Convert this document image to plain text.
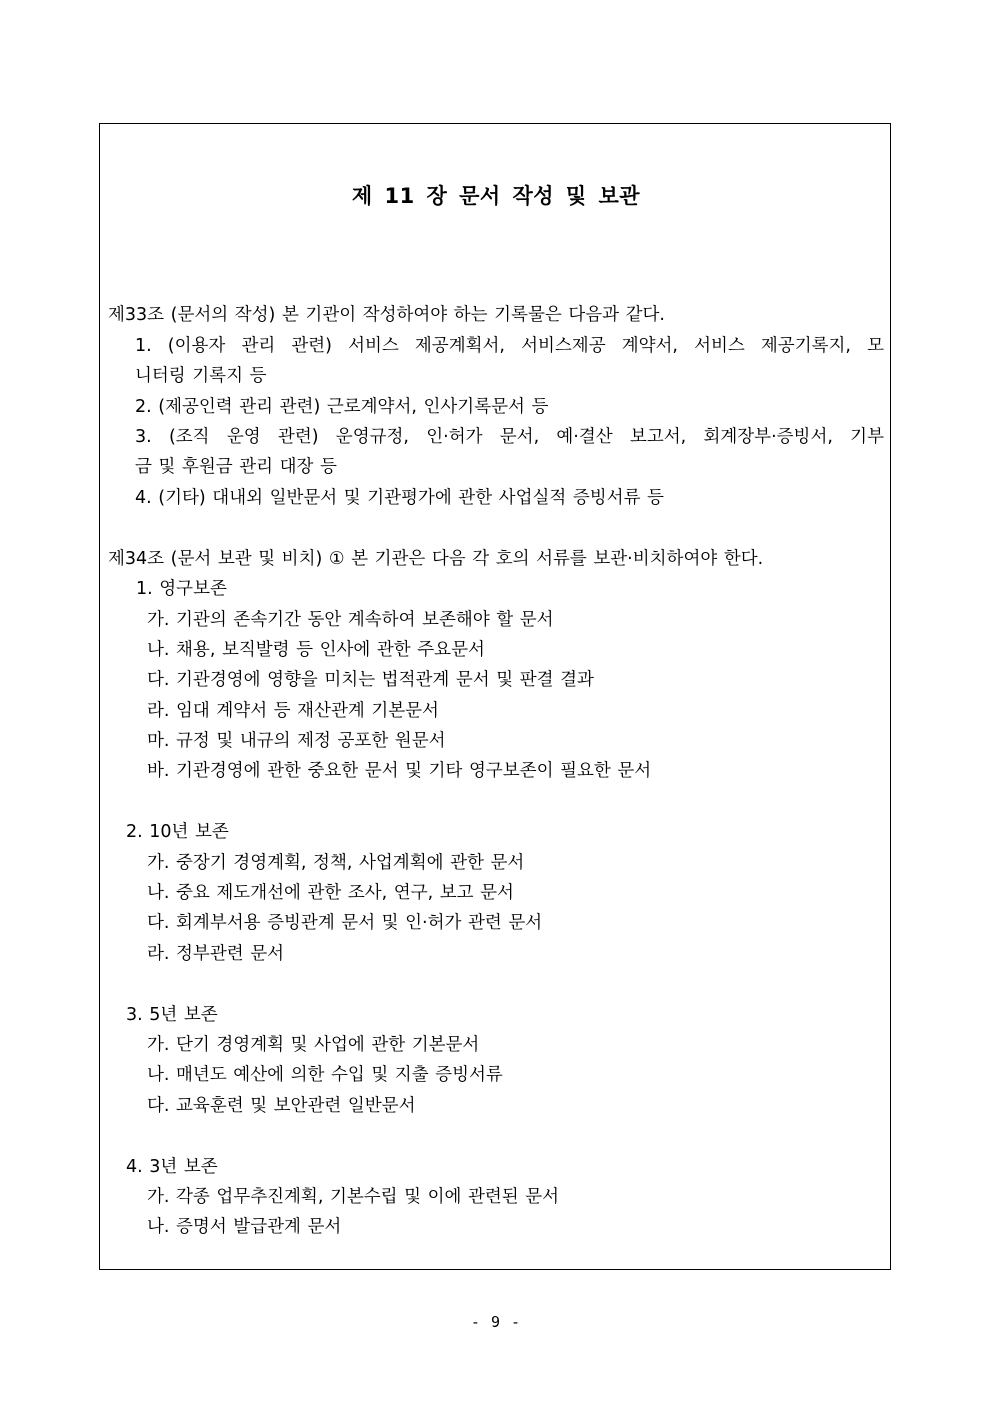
제 11 장 문서 작성 및 보관
제33조 (문서의 작성) 본 기관이 작성하여야 하는 기록물은 다음과 같다.
1. (이용자 관리 관련) 서비스 제공계획서, 서비스제공 계약서, 서비스 제공기록지, 모
니터링 기록지 등
2. (제공인력 관리 관련) 근로계약서, 인사기록문서 등
3. (조직 운영 관련) 운영규정, 인·허가 문서, 예·결산 보고서, 회계장부·증빙서, 기부
금 및 후원금 관리 대장 등
4. (기타) 대내외 일반문서 및 기관평가에 관한 사업실적 증빙서류 등
제34조 (문서 보관 및 비치) ① 본 기관은 다음 각 호의 서류를 보관·비치하여야 한다.
1. 영구보존
가. 기관의 존속기간 동안 계속하여 보존해야 할 문서
나. 채용, 보직발령 등 인사에 관한 주요문서
다. 기관경영에 영향을 미치는 법적관계 문서 및 판결 결과
라. 임대 계약서 등 재산관계 기본문서
마. 규정 및 내규의 제정 공포한 원문서
바. 기관경영에 관한 중요한 문서 및 기타 영구보존이 필요한 문서
2. 10년 보존
가. 중장기 경영계획, 정책, 사업계획에 관한 문서
나. 중요 제도개선에 관한 조사, 연구, 보고 문서
다. 회계부서용 증빙관계 문서 및 인·허가 관련 문서
라. 정부관련 문서
3. 5년 보존
가. 단기 경영계획 및 사업에 관한 기본문서
나. 매년도 예산에 의한 수입 및 지출 증빙서류
다. 교육훈련 및 보안관련 일반문서
4. 3년 보존
가. 각종 업무추진계획, 기본수립 및 이에 관련된 문서
나. 증명서 발급관계 문서
- 9 -
